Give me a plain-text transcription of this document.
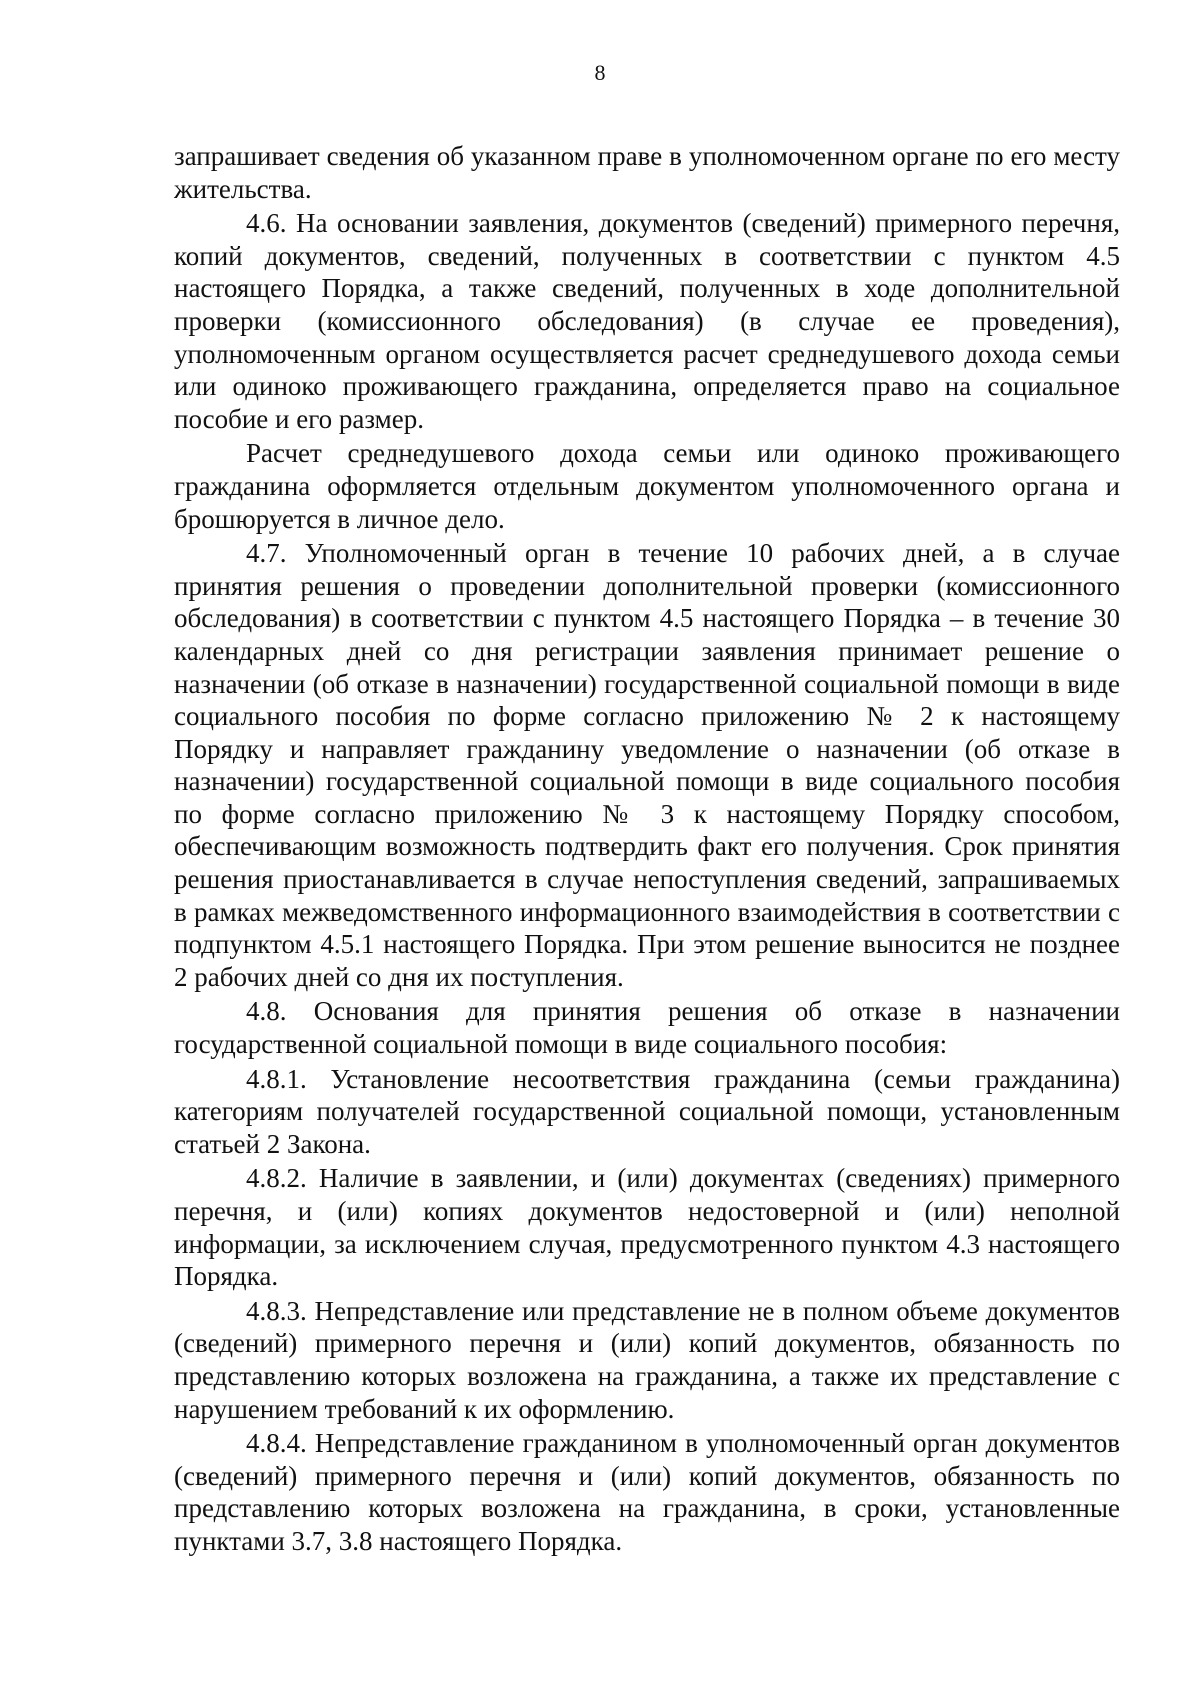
8

запрашивает сведения об указанном праве в уполномоченном органе по его месту жительства.

4.6. На основании заявления, документов (сведений) примерного перечня, копий документов, сведений, полученных в соответствии с пунктом 4.5 настоящего Порядка, а также сведений, полученных в ходе дополнительной проверки (комиссионного обследования) (в случае ее проведения), уполномоченным органом осуществляется расчет среднедушевого дохода семьи или одиноко проживающего гражданина, определяется право на социальное пособие и его размер.

Расчет среднедушевого дохода семьи или одиноко проживающего гражданина оформляется отдельным документом уполномоченного органа и брошюруется в личное дело.

4.7. Уполномоченный орган в течение 10 рабочих дней, а в случае принятия решения о проведении дополнительной проверки (комиссионного обследования) в соответствии с пунктом 4.5 настоящего Порядка – в течение 30 календарных дней со дня регистрации заявления принимает решение о назначении (об отказе в назначении) государственной социальной помощи в виде социального пособия по форме согласно приложению № 2 к настоящему Порядку и направляет гражданину уведомление о назначении (об отказе в назначении) государственной социальной помощи в виде социального пособия по форме согласно приложению № 3 к настоящему Порядку способом, обеспечивающим возможность подтвердить факт его получения. Срок принятия решения приостанавливается в случае непоступления сведений, запрашиваемых в рамках межведомственного информационного взаимодействия в соответствии с подпунктом 4.5.1 настоящего Порядка. При этом решение выносится не позднее 2 рабочих дней со дня их поступления.

4.8. Основания для принятия решения об отказе в назначении государственной социальной помощи в виде социального пособия:

4.8.1. Установление несоответствия гражданина (семьи гражданина) категориям получателей государственной социальной помощи, установленным статьей 2 Закона.

4.8.2. Наличие в заявлении, и (или) документах (сведениях) примерного перечня, и (или) копиях документов недостоверной и (или) неполной информации, за исключением случая, предусмотренного пунктом 4.3 настоящего Порядка.

4.8.3. Непредставление или представление не в полном объеме документов (сведений) примерного перечня и (или) копий документов, обязанность по представлению которых возложена на гражданина, а также их представление с нарушением требований к их оформлению.

4.8.4. Непредставление гражданином в уполномоченный орган документов (сведений) примерного перечня и (или) копий документов, обязанность по представлению которых возложена на гражданина, в сроки, установленные пунктами 3.7, 3.8 настоящего Порядка.
